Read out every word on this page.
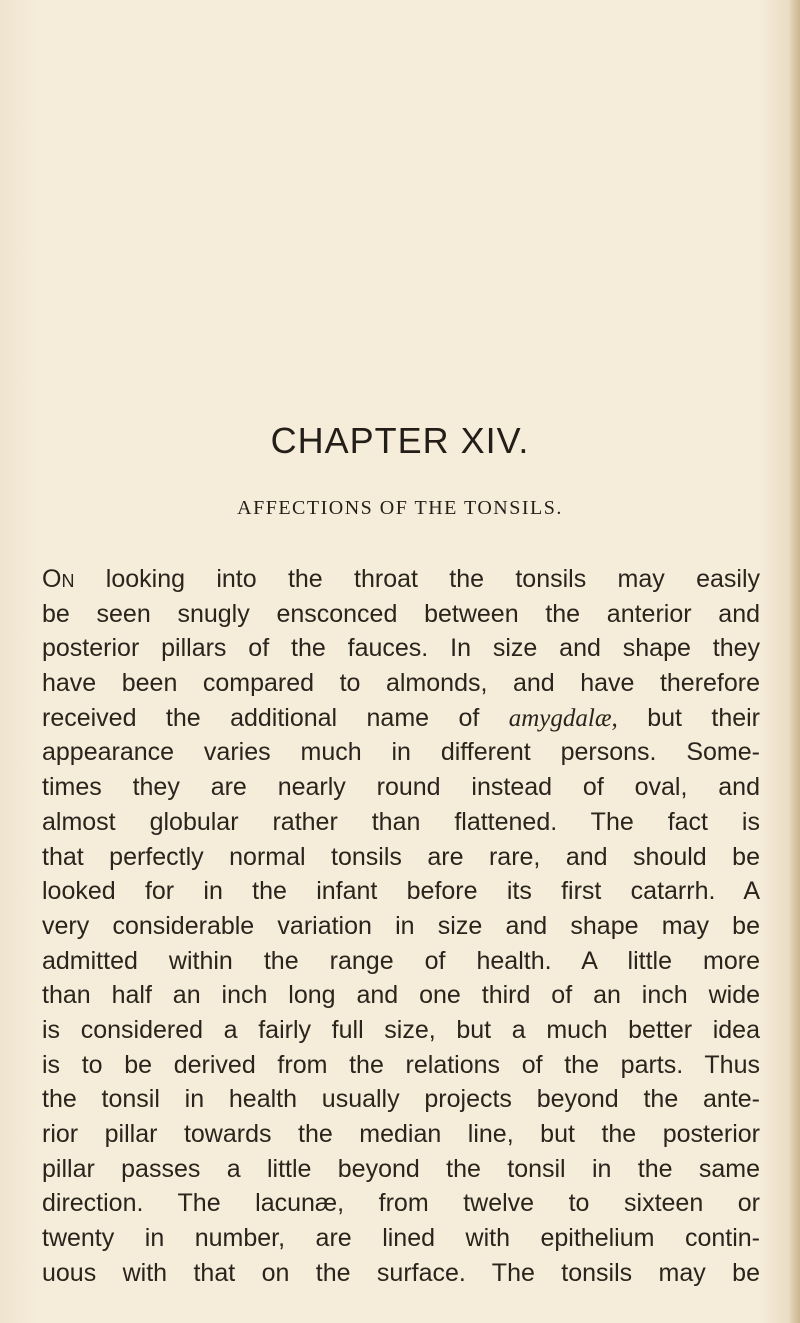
CHAPTER XIV.
AFFECTIONS OF THE TONSILS.
On looking into the throat the tonsils may easily
be seen snugly ensconced between the anterior and
posterior pillars of the fauces. In size and shape they
have been compared to almonds, and have therefore
received the additional name of amygdalæ, but their
appearance varies much in different persons. Some-
times they are nearly round instead of oval, and
almost globular rather than flattened. The fact is
that perfectly normal tonsils are rare, and should be
looked for in the infant before its first catarrh. A
very considerable variation in size and shape may be
admitted within the range of health. A little more
than half an inch long and one third of an inch wide
is considered a fairly full size, but a much better idea
is to be derived from the relations of the parts. Thus
the tonsil in health usually projects beyond the ante-
rior pillar towards the median line, but the posterior
pillar passes a little beyond the tonsil in the same
direction. The lacunæ, from twelve to sixteen or
twenty in number, are lined with epithelium contin-
uous with that on the surface. The tonsils may be
